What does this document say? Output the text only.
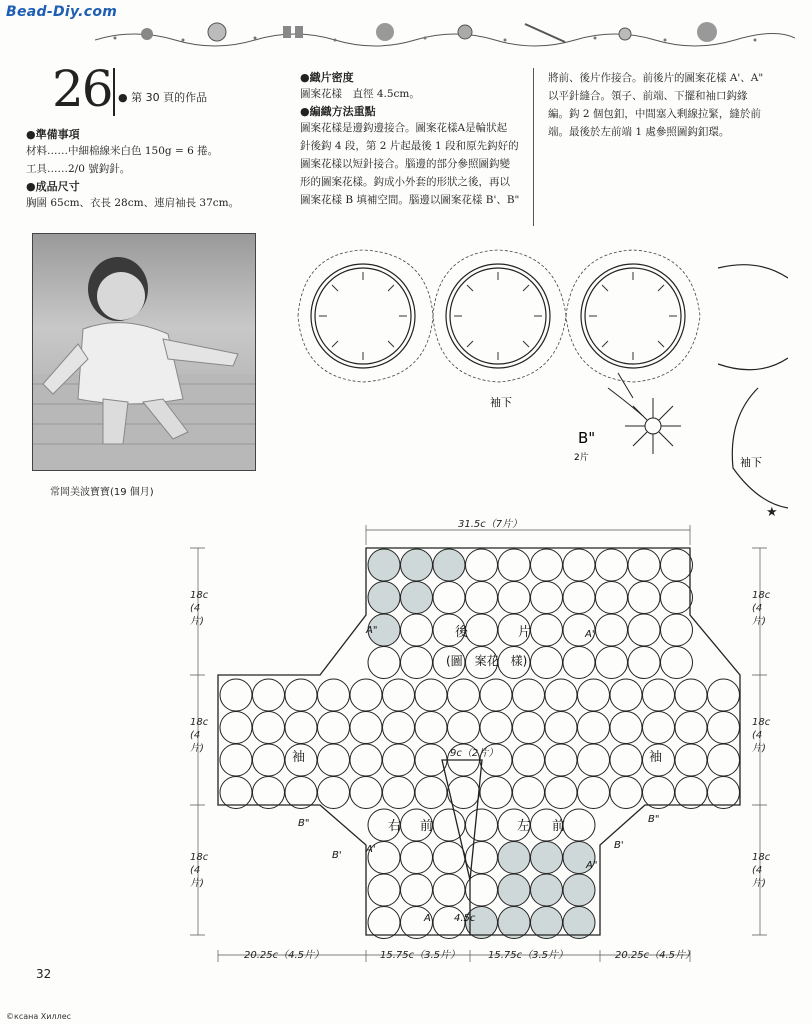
Bead-Diy.com
26 ● 第 30 頁的作品
●準備事項
材料……中細棉線米白色 150g = 6 捲。
工具……2/0 號鈎針。
●成品尺寸
胸圍 65cm、衣長 28cm、連肩袖長 37cm。
●織片密度
圖案花樣　直徑 4.5cm。
●編織方法重點
圖案花樣是邊鈎邊接合。圖案花樣A是輪狀起
針後鈎 4 段，第 2 片起最後 1 段和原先鈎好的
圖案花樣以短針接合。腦邊的部分參照圖鈎變
形的圖案花樣。鈎成小外套的形狀之後，再以
圖案花樣 B 填補空間。腦邊以圖案花樣 B'、B"
將前、後片作接合。前後片的圖案花樣 A'、A"
以平針縫合。領子、前端、下擺和袖口鈎緣
編。鈎 2 個包釦，中間塞入剩線拉緊，縫於前
端。最後於左前端 1 處參照圖鈎釦環。
常岡美波寶寶(19 個月)
袖下
袖下
B"
2片
★
31.5c（7片）
18c
(4
片)
18c
(4
片)
18c
(4
片)
18c
(4
片)
18c
(4
片)
18c
(4
片)
20.25c（4.5片）	15.75c（3.5片）	15.75c（3.5片）	20.25c（4.5片）
9c（2片）
後	片
(圖　案花　樣)
袖	袖
右 前	左 前
A"	A'
B"	B"
B'
B'
A'
A"
A 4.5c
32
©ксана Хиллес
